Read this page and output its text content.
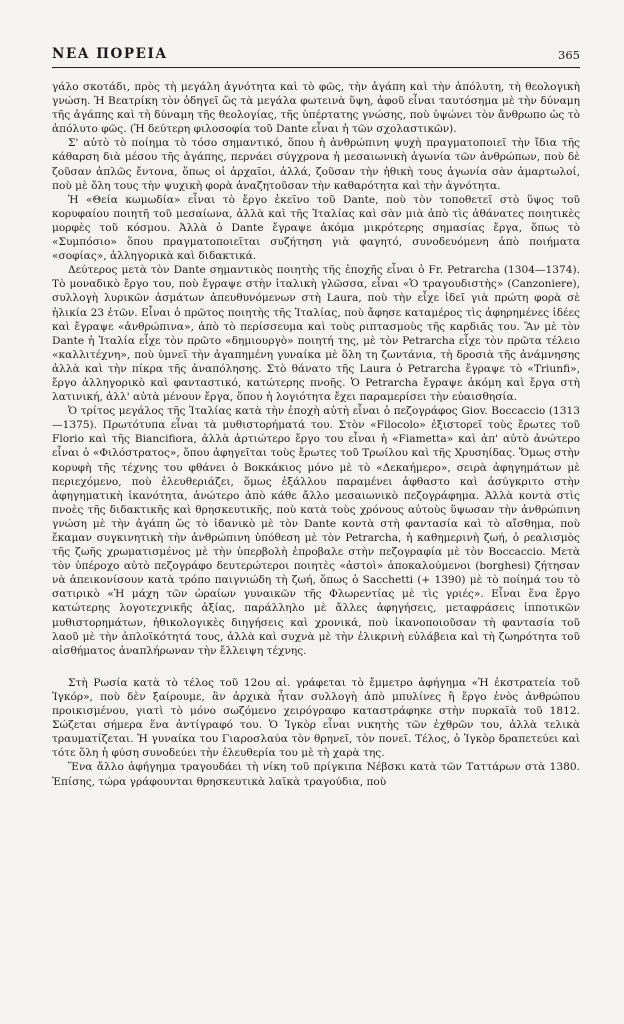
ΝΕΑ ΠΟΡΕΙΑ	365

γάλο σκοτάδι, πρὸς τὴ μεγάλη ἁγνότητα καὶ τὸ φῶς, τὴν ἀγάπη καὶ τὴν ἀπόλυτη, τὴ θεολογικὴ γνώση. Ἡ Βεατρίκη τὸν ὁδηγεῖ ὥς τὰ μεγάλα φωτεινὰ ὕψη, ἀφοῦ εἶναι ταυτόσημα μὲ τὴν δύναμη τῆς ἀγάπης καὶ τὴ δύναμη τῆς θεολογίας, τῆς ὑπέρτατης γνώσης, ποὺ ὑψώνει τὸν ἄνθρωπο ὡς τὸ ἀπόλυτο φῶς. (Ἡ δεύτερη φιλοσοφία τοῦ Dante εἶναι ἡ τῶν σχολαστικῶν).

Σ' αὐτὸ τὸ ποίημα τὸ τόσο σημαντικό, ὅπου ἡ ἀνθρώπινη ψυχὴ πραγματοποιεῖ τὴν ἴδια τῆς κάθαρση διὰ μέσου τῆς ἀγάπης, περνάει σύγχρονα ἡ μεσαιωνικὴ ἀγωνία τῶν ἀνθρώπων, ποὺ δὲ ζοῦσαν ἁπλῶς ἔντονα, ὅπως οἱ ἀρχαῖοι, ἀλλά, ζοῦσαν τὴν ἠθικὴ τους ἀγωνία σὰν ἁμαρτωλοί, ποὺ μὲ ὅλη τους τὴν ψυχικὴ φορὰ ἀναζητοῦσαν τὴν καθαρότητα καὶ τὴν ἁγνότητα.

Ἡ «Θεία κωμωδία» εἶναι τὸ ἔργο ἐκεῖνο τοῦ Dante, ποὺ τὸν τοποθετεῖ στὸ ὕψος τοῦ κορυφαίου ποιητῆ τοῦ μεσαίωνα, ἀλλὰ καὶ τῆς Ἰταλίας καὶ σὰν μιὰ ἀπὸ τὶς ἀθάνατες ποιητικὲς μορφὲς τοῦ κόσμου. Ἀλλὰ ὁ Dante ἔγραψε ἀκόμα μικρότερης σημασίας ἔργα, ὅπως τὸ «Συμπόσιο» ὅπου πραγματοποιεῖται συζήτηση γιὰ φαγητό, συνοδευόμενη ἀπὸ ποιήματα «σοφίας», ἀλληγορικὰ καὶ διδακτικά.

Δεύτερος μετὰ τὸν Dante σημαντικὸς ποιητὴς τῆς ἐποχῆς εἶναι ὁ Fr. Petrarcha (1304—1374). Τὸ μοναδικὸ ἔργο του, ποὺ ἔγραψε στὴν ἰταλικὴ γλῶσσα, εἶναι «Ὁ τραγουδιστὴς» (Canzoniere), συλλογὴ λυρικῶν ἀσμάτων ἀπευθυνόμενων στὴ Laura, ποὺ τὴν εἶχε ἰδεῖ γιὰ πρώτη φορὰ σὲ ἡλικία 23 ἐτῶν. Εἶναι ὁ πρῶτος ποιητὴς τῆς Ἰταλίας, ποὺ ἄφησε καταμέρος τὶς ἀφηρημένες ἰδέες καὶ ἔγραψε «ἀνθρώπινα», ἀπὸ τὸ περίσσευμα καὶ τοὺς ριπτασμοὺς τῆς καρδιᾶς του. Ἂν μὲ τὸν Dante ἡ Ἰταλία εἶχε τὸν πρῶτο «δημιουργὸ» ποιητή της, μὲ τὸν Petrarcha εἶχε τὸν πρῶτα τέλειο «καλλιτέχνη», ποὺ ὑμνεῖ τὴν ἀγαπημένη γυναίκα μὲ ὅλη τη ζωντάνια, τὴ δροσιὰ τῆς ἀνάμνησης ἀλλὰ καὶ τὴν πίκρα τῆς ἀναπόλησης. Στὸ θάνατο τῆς Laura ὁ Petrarcha ἔγραψε τὸ «Triunfi», ἔργο ἀλληγορικὸ καὶ φανταστικό, κατώτερης πνοῆς. Ὁ Petrarcha ἔγραψε ἀκόμη καὶ ἔργα στὴ λατινική, ἀλλ' αὐτὰ μένουν ἔργα, ὅπου ἡ λογιότητα ἔχει παραμερίσει τὴν εὐαισθησία.

Ὁ τρίτος μεγάλος τῆς Ἰταλίας κατὰ τὴν ἐποχὴ αὐτὴ εἶναι ὁ πεζογράφος Giov. Boccaccio (1313—1375). Πρωτότυπα εἶναι τὰ μυθιστορήματά του. Στὸν «Filocolo» ἐξιστορεῖ τοὺς ἔρωτες τοῦ Florio καὶ τῆς Biancifiora, ἀλλὰ ἀρτιώτερο ἔργο του εἶναι ἡ «Fiametta» καὶ ἀπ' αὐτὸ ἀνώτερο εἶναι ὁ «Φιλόστρατος», ὅπου ἀφηγεῖται τοὺς ἔρωτες τοῦ Τρωίλου καὶ τῆς Χρυσηίδας. Ὅμως στὴν κορυφὴ τῆς τέχνης του φθάνει ὁ Βοκκάκιος μόνο μὲ τὸ «Δεκαήμερο», σειρὰ ἀφηγημάτων μὲ περιεχόμενο, ποὺ ἐλευθεριάζει, ὅμως ἐξάλλου παραμένει ἀφθαστο καὶ ἀσύγκριτο στὴν ἀφηγηματικὴ ἱκανότητα, ἀνώτερο ἀπὸ κάθε ἄλλο μεσαιωνικὸ πεζογράφημα. Ἀλλὰ κοντὰ στὶς πνοὲς τῆς διδακτικῆς καὶ θρησκευτικῆς, ποὺ κατὰ τοὺς χρόνους αὐτοὺς ὕψωσαν τὴν ἀνθρώπινη γνώση μὲ τὴν ἀγάπη ὥς τὸ ἰδανικὸ μὲ τὸν Dante κοντὰ στὴ φαντασία καὶ τὸ αἴσθημα, ποὺ ἔκαμαν συγκινητικὴ τὴν ἀνθρώπινη ὑπόθεση μὲ τὸν Petrarcha, ἡ καθημερινὴ ζωή, ὁ ρεαλισμὸς τῆς ζωῆς χρωματισμένος μὲ τὴν ὑπερβολὴ ἐπροβαλε στὴν πεζογραφία μὲ τὸν Boccaccio. Μετὰ τὸν ὑπέροχο αὐτὸ πεζογράφο δευτερώτεροι ποιητὲς «ἀστοὶ» ἀποκαλούμενοι (borghesi) ζήτησαν νὰ ἀπεικονίσουν κατὰ τρόπο παιγνιώδη τὴ ζωή, ὅπως ὁ Sacchetti (+ 1390) μὲ τὸ ποίημά του τὸ σατιρικὸ «Ἡ μάχη τῶν ὡραίων γυναικῶν τῆς Φλωρεντίας μὲ τὶς γριές». Εἶναι ἕνα ἔργο κατώτερης λογοτεχνικῆς ἀξίας, παράλληλο μὲ ἄλλες ἀφηγήσεις, μεταφράσεις ἱπποτικῶν μυθιστορημάτων, ἠθικολογικὲς διηγήσεις καὶ χρονικά, ποὺ ἱκανοποιοῦσαν τὴ φαντασία τοῦ λαοῦ μὲ τὴν ἁπλοϊκότητά τους, ἀλλὰ καὶ συχνὰ μὲ τὴν ἐλικρινὴ εὐλάβεια καὶ τὴ ζωηρότητα τοῦ αἰσθήματος ἀναπλήρωναν τὴν ἔλλειψη τέχνης.

Στὴ Ρωσία κατὰ τὸ τέλος τοῦ 12ου αἰ. γράφεται τὸ ἔμμετρο ἀφήγημα «Ἡ ἐκστρατεία τοῦ Ἰγκόρ», ποὺ δὲν ξαίρουμε, ἂν ἀρχικὰ ἦταν συλλογὴ ἀπὸ μπυλίνες ἢ ἔργο ἑνὸς ἀνθρώπου προικισμένου, γιατὶ τὸ μόνο σωζόμενο χειρόγραφο καταστράφηκε στὴν πυρκαϊὰ τοῦ 1812. Σώζεται σήμερα ἕνα ἀντίγραφό του. Ὁ Ἰγκὸρ εἶναι νικητὴς τῶν ἐχθρῶν του, ἀλλὰ τελικὰ τραυματίζεται. Ἡ γυναίκα του Γιαροσλαύα τὸν θρηνεῖ, τὸν πονεῖ. Τέλος, ὁ Ἰγκὸρ δραπετεύει καὶ τότε ὅλη ἡ φύση συνοδεύει τὴν ἐλευθερία του μὲ τὴ χαρὰ της.

Ἕνα ἄλλο ἀφήγημα τραγουδάει τὴ νίκη τοῦ πρίγκιπα Νέβσκι κατὰ τῶν Ταττάρων στὰ 1380. Ἐπίσης, τώρα γράφουνται θρησκευτικὰ λαϊκὰ τραγούδια, ποὺ
